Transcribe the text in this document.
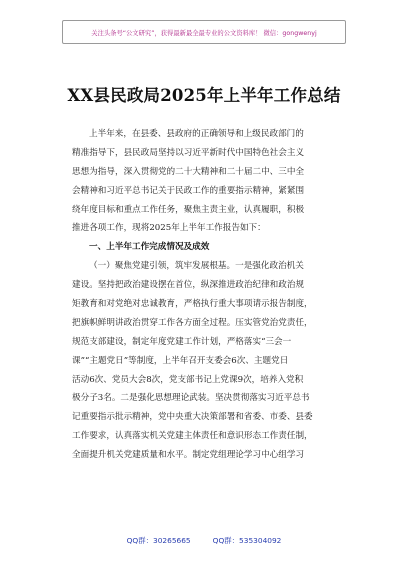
关注头条号“公文研究”，获得最新最全最专业的公文资料库！ 微信：gongwenyj
XX县民政局2025年上半年工作总结
上半年来，在县委、县政府的正确领导和上级民政部门的
精准指导下，县民政局坚持以习近平新时代中国特色社会主义
思想为指导，深入贯彻党的二十大精神和二十届二中、三中全
会精神和习近平总书记关于民政工作的重要指示精神，紧紧围
绕年度目标和重点工作任务，聚焦主责主业，认真履职，积极
推进各项工作，现将2025年上半年工作报告如下：
一、上半年工作完成情况及成效
（一）聚焦党建引领，筑牢发展根基。一是强化政治机关
建设。坚持把政治建设摆在首位，纵深推进政治纪律和政治规
矩教育和对党绝对忠诚教育，严格执行重大事项请示报告制度，
把旗帜鲜明讲政治贯穿工作各方面全过程。压实管党治党责任，
规范支部建设，制定年度党建工作计划，严格落实“三会一
课”“主题党日”等制度，上半年召开支委会6次、主题党日
活动6次、党员大会8次，党支部书记上党课9次，培养入党积
极分子3名。二是强化思想理论武装。坚决贯彻落实习近平总书
记重要指示批示精神，党中央重大决策部署和省委、市委、县委
工作要求，认真落实机关党建主体责任和意识形态工作责任制，
全面提升机关党建质量和水平。制定党组理论学习中心组学习
QQ群：30265665	QQ群：535304092
